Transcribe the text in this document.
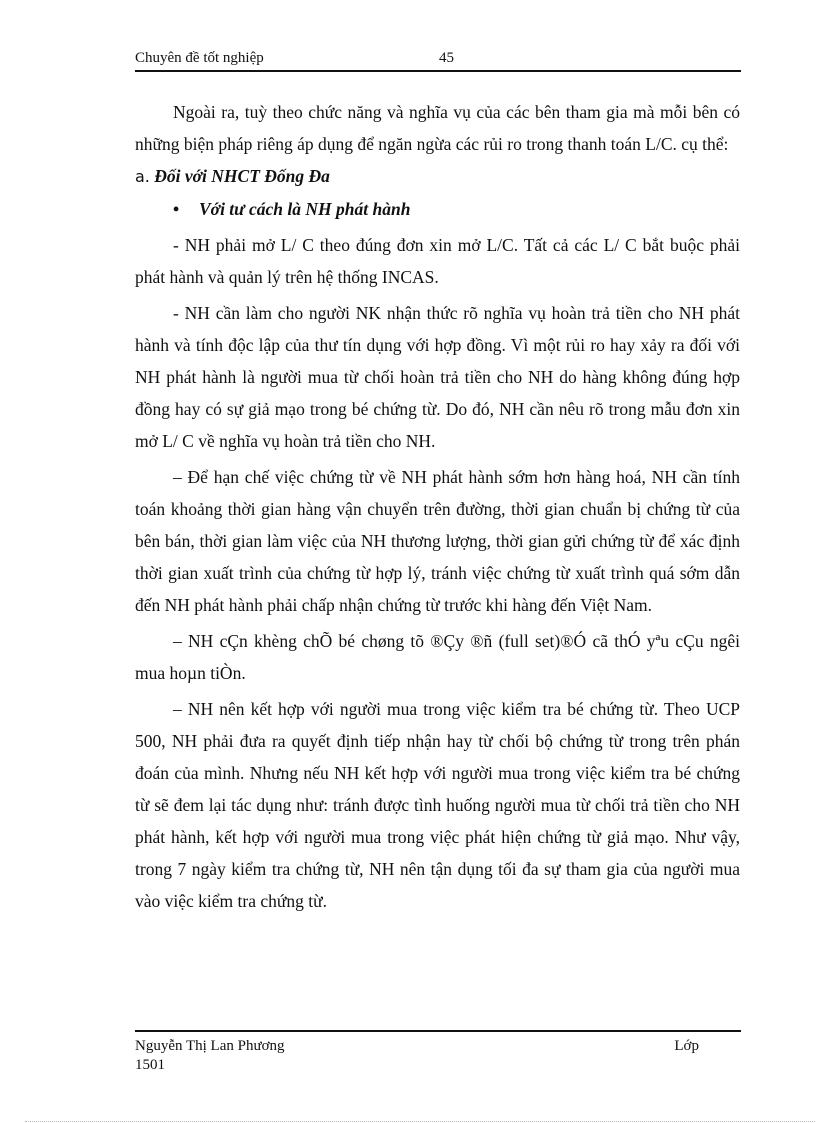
Chuyên đề tốt nghiệp	45

Ngoài ra, tuỳ theo chức năng và nghĩa vụ của các bên tham gia mà mỗi bên có những biện pháp riêng áp dụng để ngăn ngừa các rủi ro trong thanh toán L/C. cụ thể:

a. Đối với NHCT Đống Đa

• Với tư cách là NH phát hành

- NH phải mở L/ C theo đúng đơn xin mở L/C. Tất cả các L/ C bắt buộc phải phát hành và quản lý trên hệ thống INCAS.

- NH cần làm cho người NK nhận thức rõ nghĩa vụ hoàn trả tiền cho NH phát hành và tính độc lập của thư tín dụng với hợp đồng. Vì một rủi ro hay xảy ra đối với NH phát hành là người mua từ chối hoàn trả tiền cho NH do hàng không đúng hợp đồng hay có sự giả mạo trong bé chứng từ. Do đó, NH cần nêu rõ trong mẫu đơn xin mở L/ C về nghĩa vụ hoàn trả tiền cho NH.

– Để hạn chế việc chứng từ về NH phát hành sớm hơn hàng hoá, NH cần tính toán khoảng thời gian hàng vận chuyển trên đường, thời gian chuẩn bị chứng từ của bên bán, thời gian làm việc của NH thương lượng, thời gian gửi chứng từ để xác định thời gian xuất trình của chứng từ hợp lý, tránh việc chứng từ xuất trình quá sớm dẫn đến NH phát hành phải chấp nhận chứng từ trước khi hàng đến Việt Nam.

– NH cÇn khèng chÕ bé chøng tõ ®Çy ®ñ (full set)®Ó cã thÓ yªu cÇu ngêi mua hoµn tiÒn.

– NH nên kết hợp với người mua trong việc kiểm tra bé chứng từ. Theo UCP 500, NH phải đưa ra quyết định tiếp nhận hay từ chối bộ chứng từ trong trên phán đoán của mình. Nhưng nếu NH kết hợp với người mua trong việc kiểm tra bé chứng từ sẽ đem lại tác dụng như: tránh được tình huống người mua từ chối trả tiền cho NH phát hành, kết hợp với người mua trong việc phát hiện chứng từ giả mạo. Như vậy, trong 7 ngày kiểm tra chứng từ, NH nên tận dụng tối đa sự tham gia của người mua vào việc kiểm tra chứng từ.

Nguyễn Thị Lan Phương	Lớp
1501
